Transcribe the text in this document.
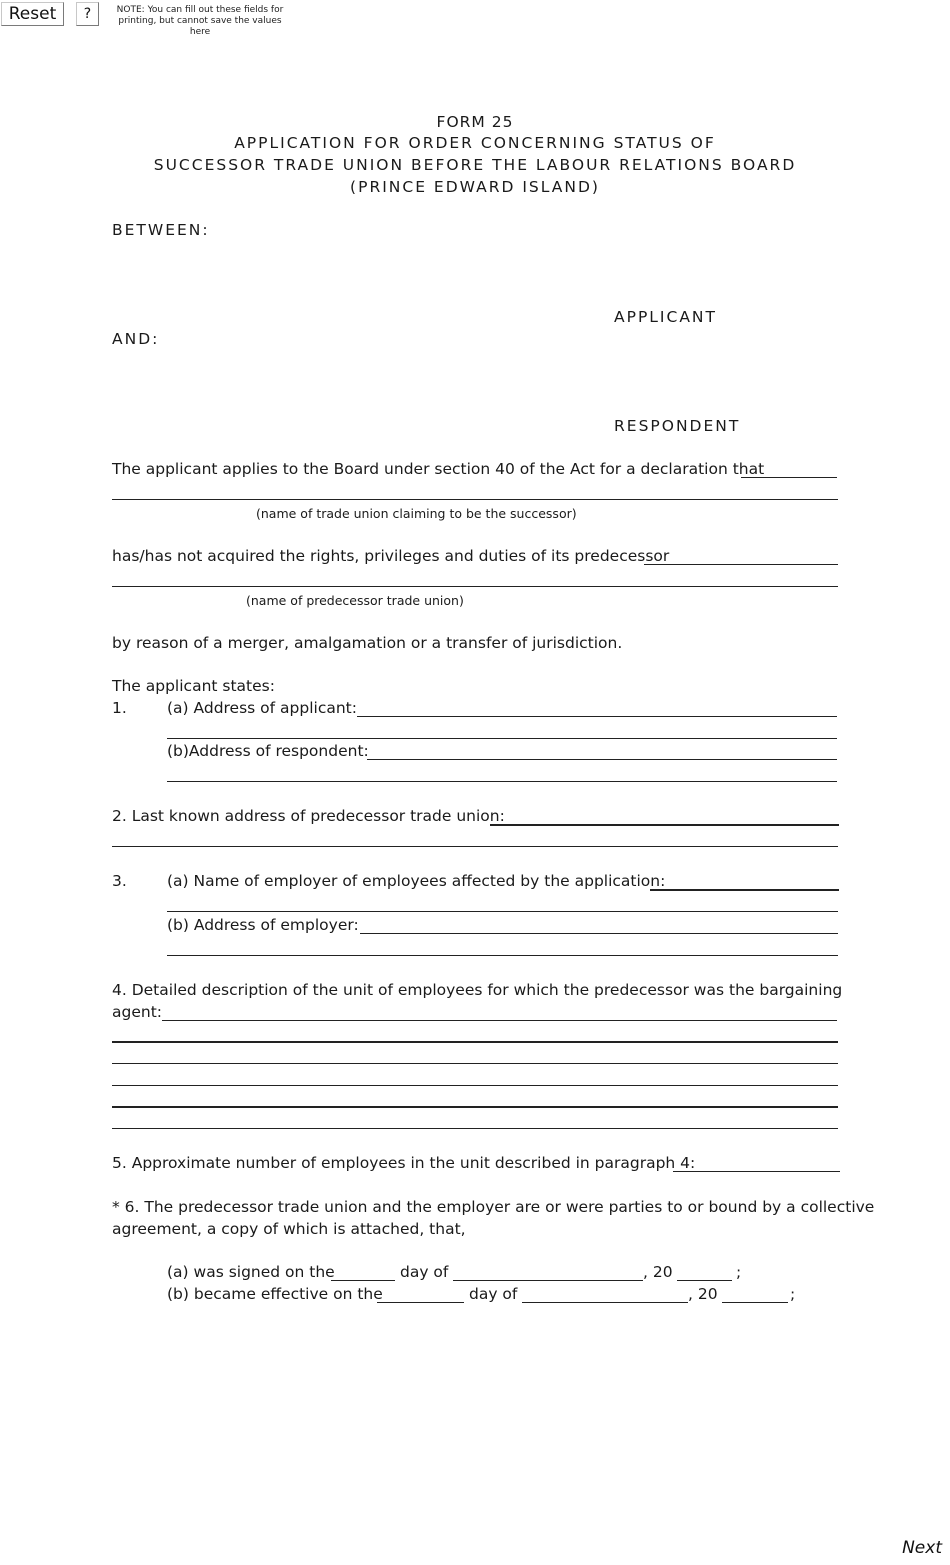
Reset	?	NOTE: You can fill out these fields for printing, but cannot save the values here
FORM 25
APPLICATION FOR ORDER CONCERNING STATUS OF
SUCCESSOR TRADE UNION BEFORE THE LABOUR RELATIONS BOARD
(PRINCE EDWARD ISLAND)
BETWEEN:
APPLICANT
AND:
RESPONDENT
The applicant applies to the Board under section 40 of the Act for a declaration that
(name of trade union claiming to be the successor)
has/has not acquired the rights, privileges and duties of its predecessor
(name of predecessor trade union)
by reason of a merger, amalgamation or a transfer of jurisdiction.
The applicant states:
1.	(a) Address of applicant:
(b)Address of respondent:
2. Last known address of predecessor trade union:
3.	(a) Name of employer of employees affected by the application:
(b) Address of employer:
4. Detailed description of the unit of employees for which the predecessor was the bargaining
agent:
5. Approximate number of employees in the unit described in paragraph 4:
* 6. The predecessor trade union and the employer are or were parties to or bound by a collective
agreement, a copy of which is attached, that,
(a) was signed on the	day of	, 20	;
(b) became effective on the	day of	, 20	;
Next
